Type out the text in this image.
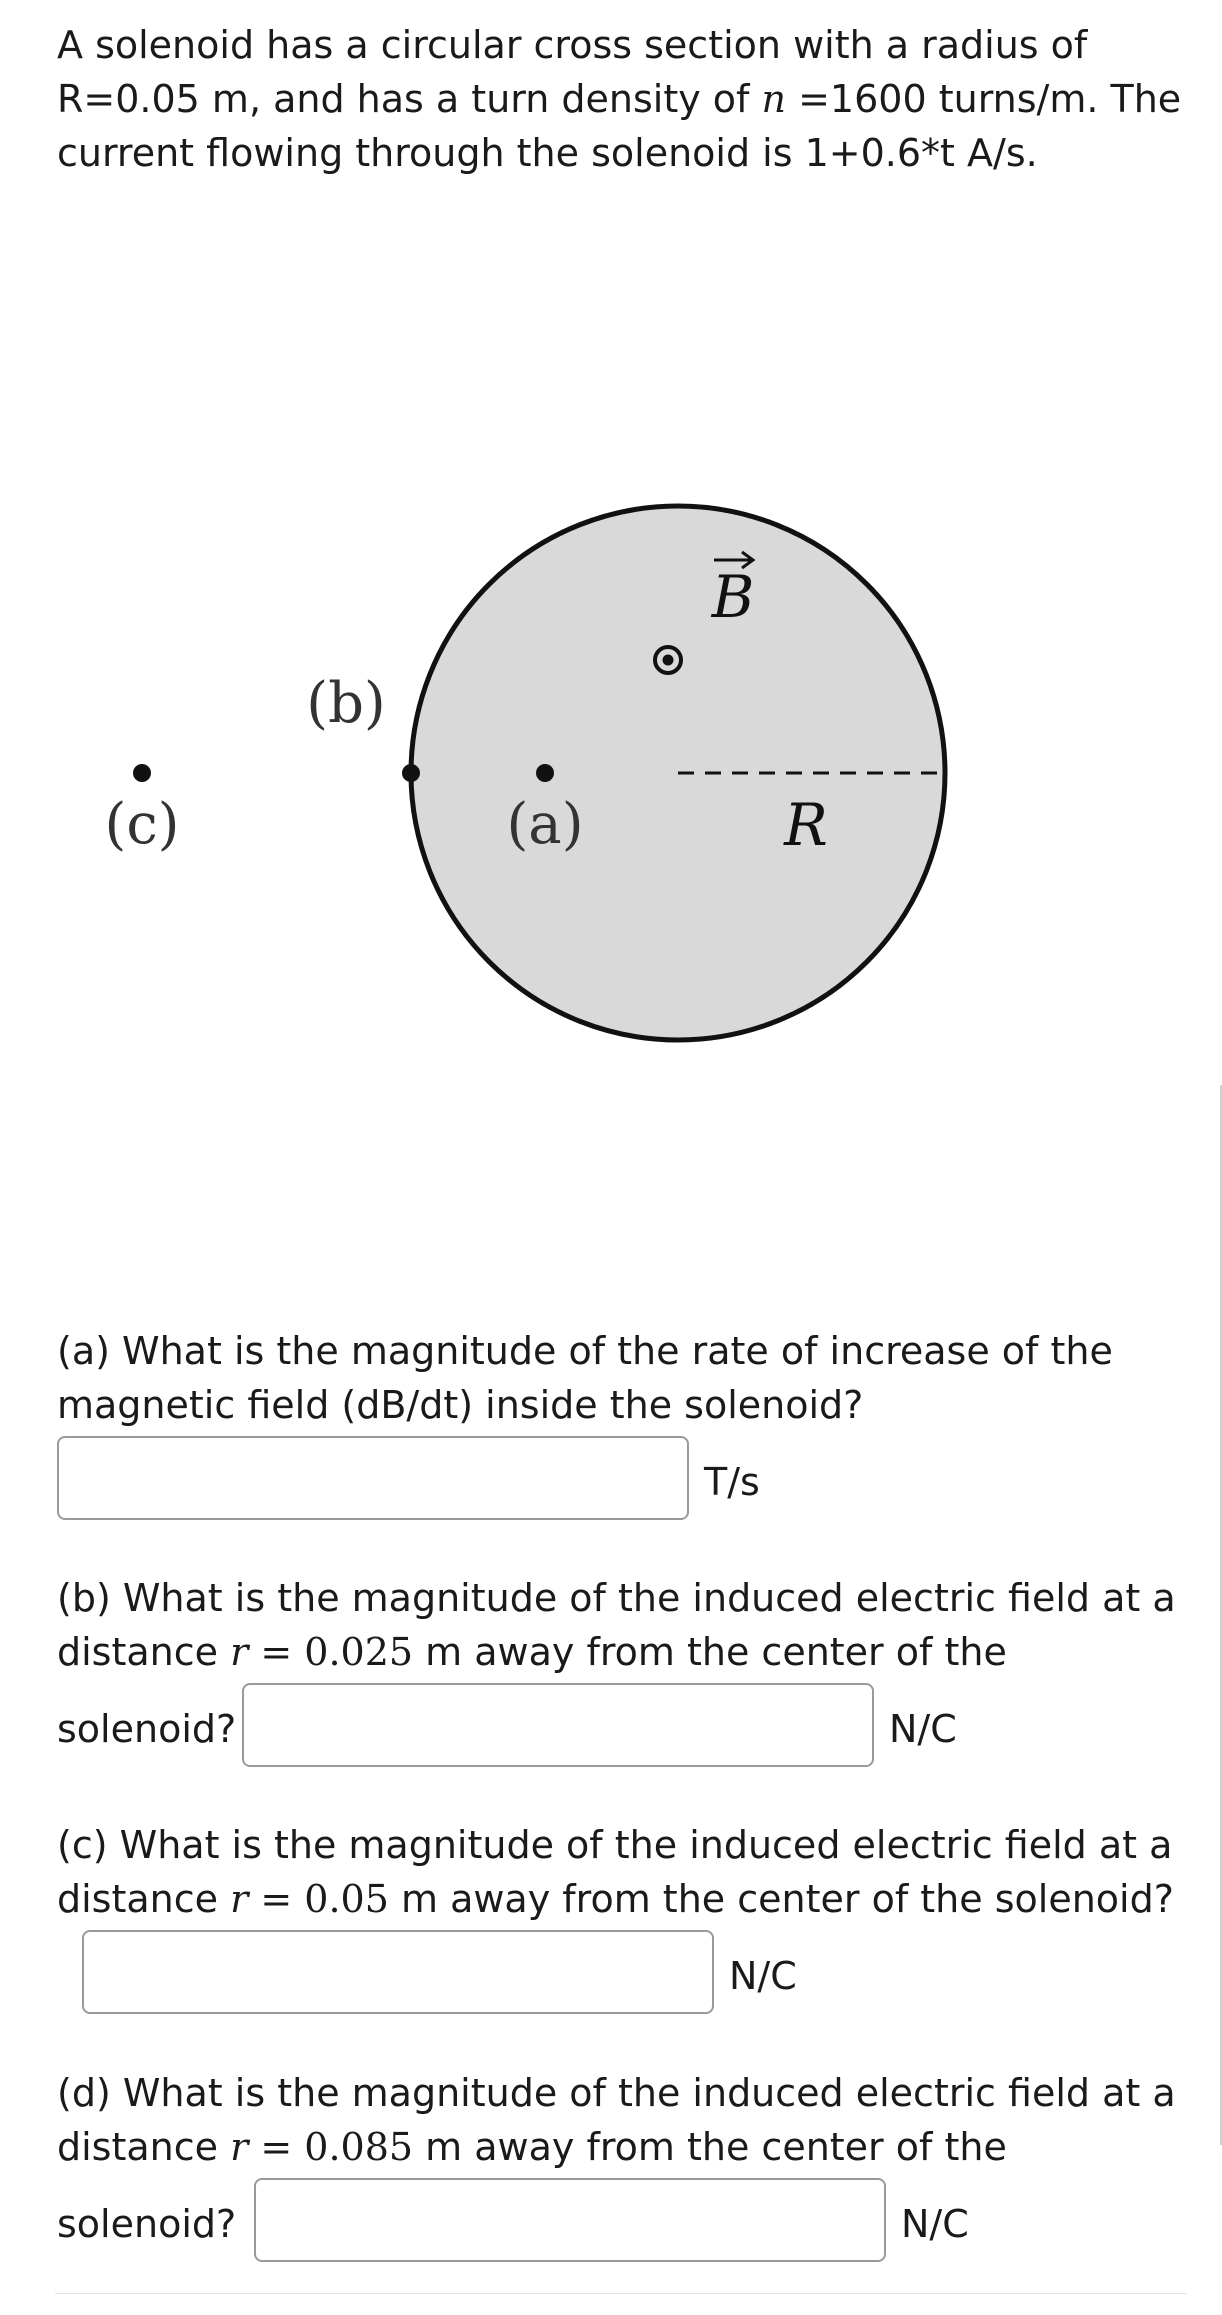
A solenoid has a circular cross section with a radius of
R=0.05 m, and has a turn density of n =1600 turns/m. The
current flowing through the solenoid is 1+0.6*t A/s.

R
B
(a)
(b)
(c)

(a) What is the magnitude of the rate of increase of the
magnetic field (dB/dt) inside the solenoid?

T/s

(b) What is the magnitude of the induced electric field at a
distance r = 0.025 m away from the center of the

solenoid?	N/C

(c) What is the magnitude of the induced electric field at a
distance r = 0.05 m away from the center of the solenoid?

N/C

(d) What is the magnitude of the induced electric field at a
distance r = 0.085 m away from the center of the

solenoid?	N/C
